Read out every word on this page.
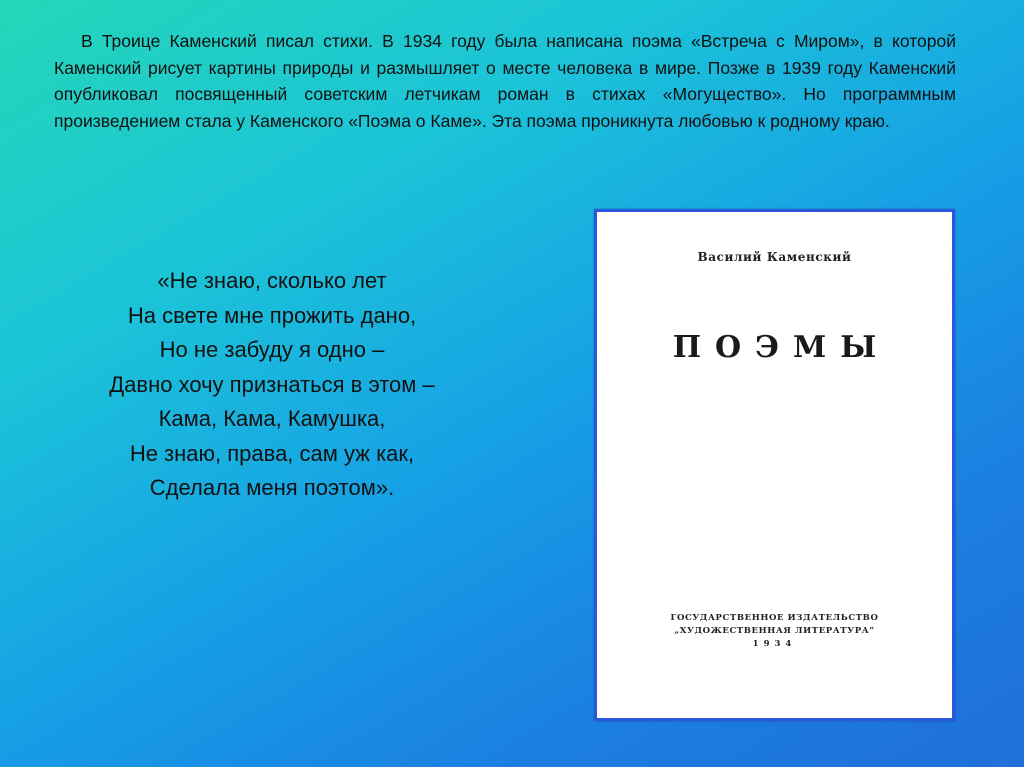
В Троице Каменский писал стихи. В 1934 году была написана поэма «Встреча с Миром», в которой Каменский рисует картины природы и размышляет о месте человека в мире. Позже в 1939 году Каменский опубликовал посвященный советским летчикам роман в стихах «Могущество». Но программным произведением стала у Каменского «Поэма о Каме». Эта поэма проникнута любовью к родному краю.

«Не знаю, сколько лет
На свете мне прожить дано,
Но не забуду я одно –
Давно хочу признаться в этом –
Кама, Кама, Камушка,
Не знаю, права, сам уж как,
Сделала меня поэтом».
Василий Каменский
ПОЭМЫ
ГОСУДАРСТВЕННОЕ ИЗДАТЕЛЬСТВО
„ХУДОЖЕСТВЕННАЯ ЛИТЕРАТУРА“
1934
